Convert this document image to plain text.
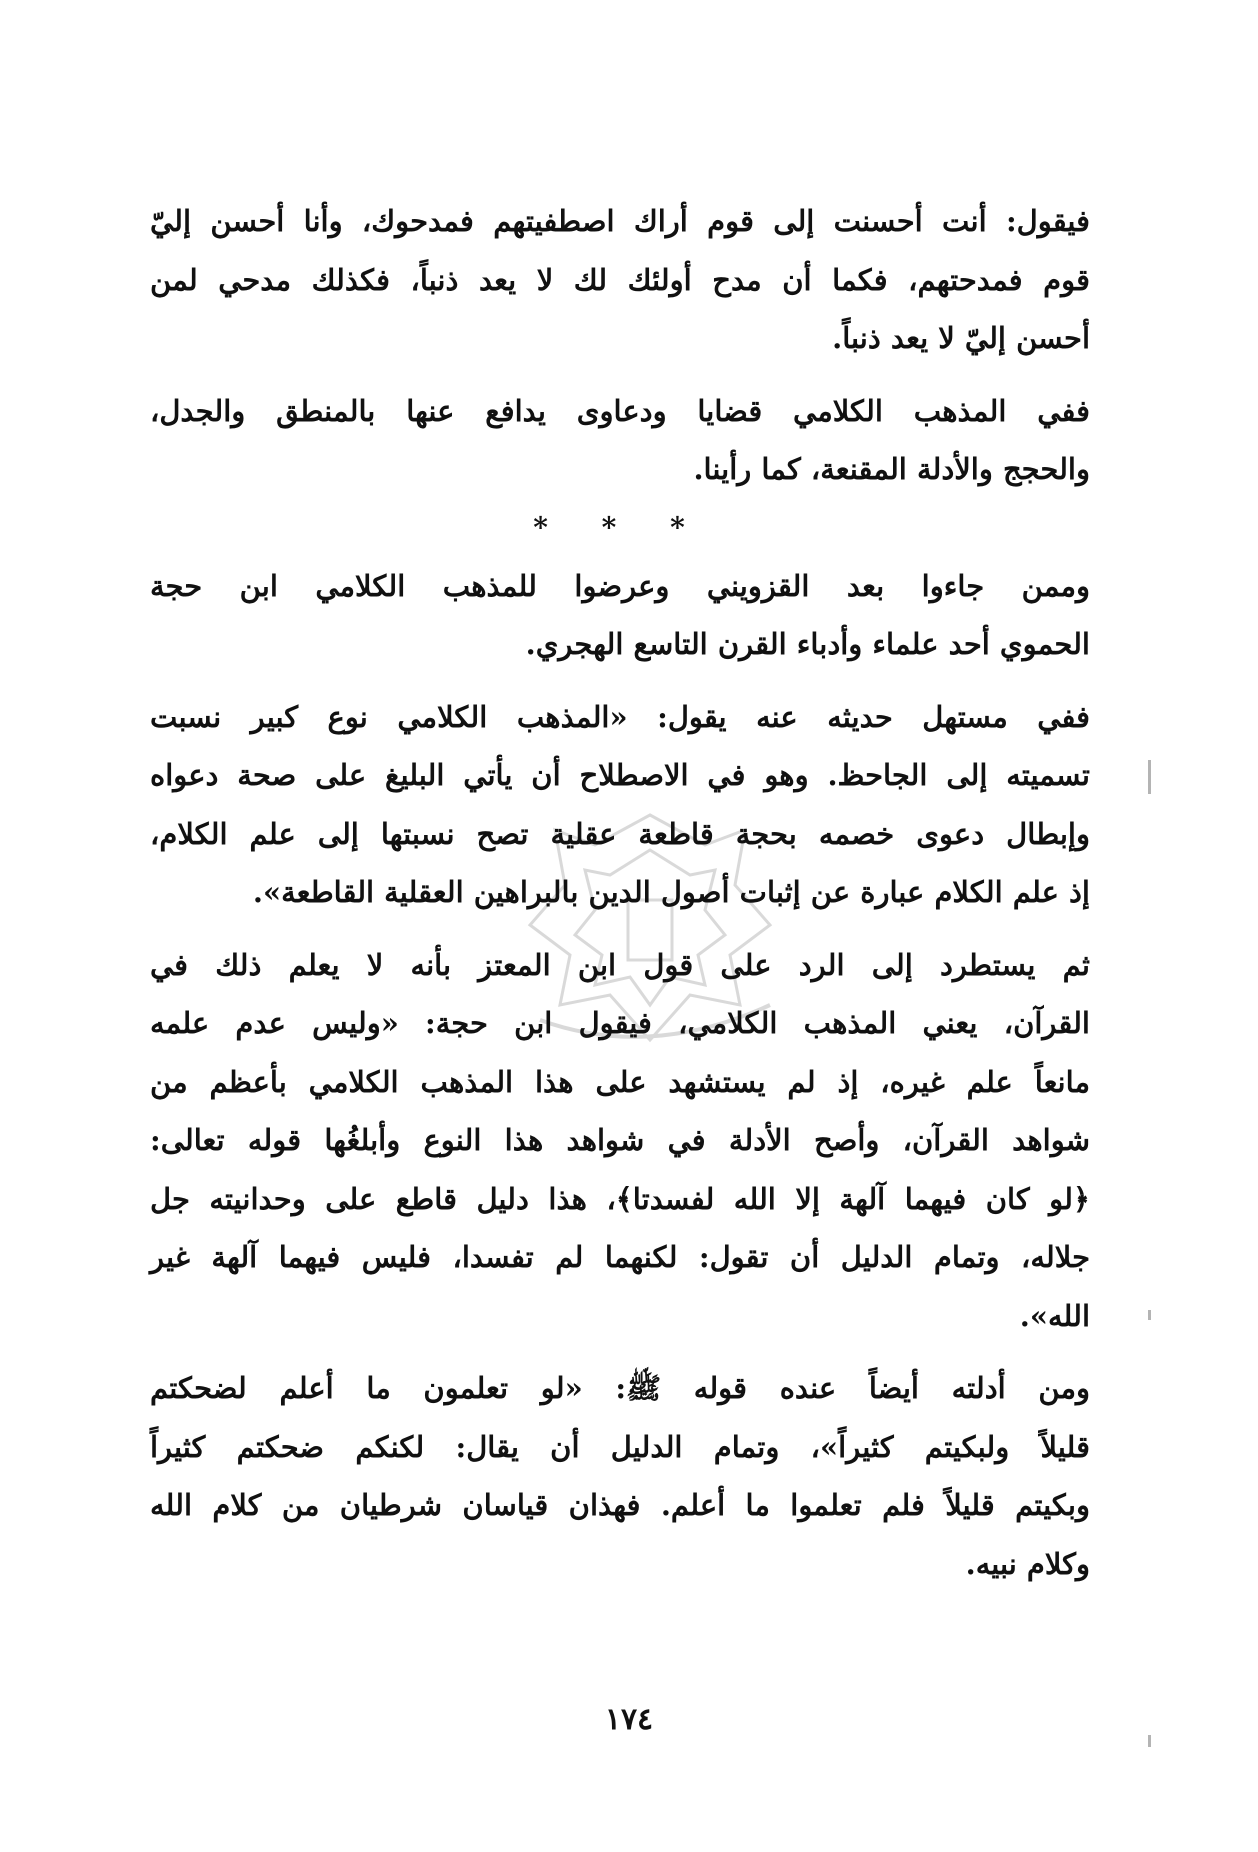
فيقول: أنت أحسنت إلى قوم أراك اصطفيتهم فمدحوك، وأنا أحسن إليّ
قوم فمدحتهم، فكما أن مدح أولئك لك لا يعد ذنباً، فكذلك مدحي لمن
أحسن إليّ لا يعد ذنباً.
ففي المذهب الكلامي قضايا ودعاوى يدافع عنها بالمنطق والجدل،
والحجج والأدلة المقنعة، كما رأينا.
* * *
وممن جاءوا بعد القزويني وعرضوا للمذهب الكلامي ابن حجة
الحموي أحد علماء وأدباء القرن التاسع الهجري.
ففي مستهل حديثه عنه يقول: «المذهب الكلامي نوع كبير نسبت
تسميته إلى الجاحظ. وهو في الاصطلاح أن يأتي البليغ على صحة دعواه
وإبطال دعوى خصمه بحجة قاطعة عقلية تصح نسبتها إلى علم الكلام،
إذ علم الكلام عبارة عن إثبات أصول الدين بالبراهين العقلية القاطعة».
ثم يستطرد إلى الرد على قول ابن المعتز بأنه لا يعلم ذلك في
القرآن، يعني المذهب الكلامي، فيقول ابن حجة: «وليس عدم علمه
مانعاً علم غيره، إذ لم يستشهد على هذا المذهب الكلامي بأعظم من
شواهد القرآن، وأصح الأدلة في شواهد هذا النوع وأبلغُها قوله تعالى:
﴿لو كان فيهما آلهة إلا الله لفسدتا﴾، هذا دليل قاطع على وحدانيته جل
جلاله، وتمام الدليل أن تقول: لكنهما لم تفسدا، فليس فيهما آلهة غير
الله».
ومن أدلته أيضاً عنده قوله ﷺ: «لو تعلمون ما أعلم لضحكتم
قليلاً ولبكيتم كثيراً»، وتمام الدليل أن يقال: لكنكم ضحكتم كثيراً
وبكيتم قليلاً فلم تعلموا ما أعلم. فهذان قياسان شرطيان من كلام الله
وكلام نبيه.
١٧٤
